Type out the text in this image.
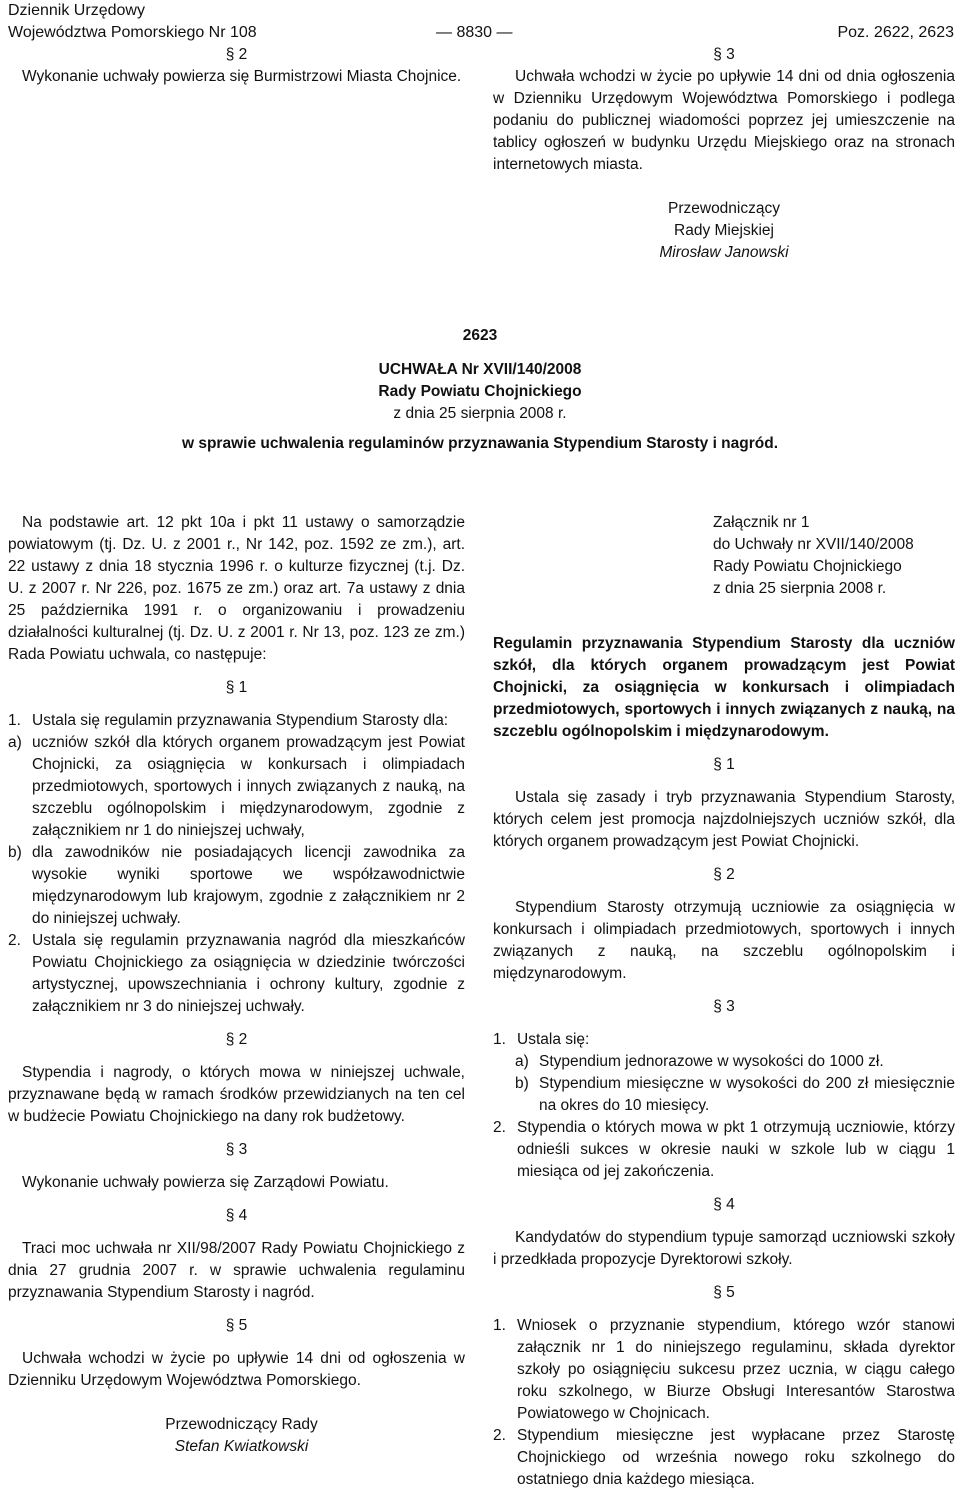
Dziennik Urzędowy
Województwa Pomorskiego Nr 108	— 8830 —	Poz. 2622, 2623
§ 2

Wykonanie uchwały powierza się Burmistrzowi Miasta Chojnice.

§ 3

Uchwała wchodzi w życie po upływie 14 dni od dnia ogłoszenia w Dzienniku Urzędowym Województwa Pomorskiego i podlega podaniu do publicznej wiadomości poprzez jej umieszczenie na tablicy ogłoszeń w budynku Urzędu Miejskiego oraz na stronach internetowych miasta.

Przewodniczący
Rady Miejskiej
Mirosław Janowski
2623
UCHWAŁA Nr XVII/140/2008
Rady Powiatu Chojnickiego
z dnia 25 sierpnia 2008 r.
w sprawie uchwalenia regulaminów przyznawania Stypendium Starosty i nagród.

Na podstawie art. 12 pkt 10a i pkt 11 ustawy o samorządzie powiatowym (tj. Dz. U. z 2001 r., Nr 142, poz. 1592 ze zm.), art. 22 ustawy z dnia 18 stycznia 1996 r. o kulturze fizycznej (t.j. Dz. U. z 2007 r. Nr 226, poz. 1675 ze zm.) oraz art. 7a ustawy z dnia 25 października 1991 r. o organizowaniu i prowadzeniu działalności kulturalnej (tj. Dz. U. z 2001 r. Nr 13, poz. 123 ze zm.) Rada Powiatu uchwala, co następuje:

§ 1
1. Ustala się regulamin przyznawania Stypendium Starosty dla:
a) uczniów szkół dla których organem prowadzącym jest Powiat Chojnicki, za osiągnięcia w konkursach i olimpiadach przedmiotowych, sportowych i innych związanych z nauką, na szczeblu ogólnopolskim i międzynarodowym, zgodnie z załącznikiem nr 1 do niniejszej uchwały,
b) dla zawodników nie posiadających licencji zawodnika za wysokie wyniki sportowe we współzawodnictwie międzynarodowym lub krajowym, zgodnie z załącznikiem nr 2 do niniejszej uchwały.
2. Ustala się regulamin przyznawania nagród dla mieszkańców Powiatu Chojnickiego za osiągnięcia w dziedzinie twórczości artystycznej, upowszechniania i ochrony kultury, zgodnie z załącznikiem nr 3 do niniejszej uchwały.
§ 2

Stypendia i nagrody, o których mowa w niniejszej uchwale, przyznawane będą w ramach środków przewidzianych na ten cel w budżecie Powiatu Chojnickiego na dany rok budżetowy.

§ 3

Wykonanie uchwały powierza się Zarządowi Powiatu.

§ 4

Traci moc uchwała nr XII/98/2007 Rady Powiatu Chojnickiego z dnia 27 grudnia 2007 r. w sprawie uchwalenia regulaminu przyznawania Stypendium Starosty i nagród.

§ 5

Uchwała wchodzi w życie po upływie 14 dni od ogłoszenia w Dzienniku Urzędowym Województwa Pomorskiego.

Przewodniczący Rady
Stefan Kwiatkowski
Załącznik nr 1
do Uchwały nr XVII/140/2008
Rady Powiatu Chojnickiego
z dnia 25 sierpnia 2008 r.

Regulamin przyznawania Stypendium Starosty dla uczniów szkół, dla których organem prowadzącym jest Powiat Chojnicki, za osiągnięcia w konkursach i olimpiadach przedmiotowych, sportowych i innych związanych z nauką, na szczeblu ogólnopolskim i międzynarodowym.

§ 1

Ustala się zasady i tryb przyznawania Stypendium Starosty, których celem jest promocja najzdolniejszych uczniów szkół, dla których organem prowadzącym jest Powiat Chojnicki.

§ 2

Stypendium Starosty otrzymują uczniowie za osiągnięcia w konkursach i olimpiadach przedmiotowych, sportowych i innych związanych z nauką, na szczeblu ogólnopolskim i międzynarodowym.

§ 3
1. Ustala się:
a) Stypendium jednorazowe w wysokości do 1000 zł.
b) Stypendium miesięczne w wysokości do 200 zł miesięcznie na okres do 10 miesięcy.
2. Stypendia o których mowa w pkt 1 otrzymują uczniowie, którzy odnieśli sukces w okresie nauki w szkole lub w ciągu 1 miesiąca od jej zakończenia.
§ 4

Kandydatów do stypendium typuje samorząd uczniowski szkoły i przedkłada propozycje Dyrektorowi szkoły.

§ 5
1. Wniosek o przyznanie stypendium, którego wzór stanowi załącznik nr 1 do niniejszego regulaminu, składa dyrektor szkoły po osiągnięciu sukcesu przez ucznia, w ciągu całego roku szkolnego, w Biurze Obsługi Interesantów Starostwa Powiatowego w Chojnicach.
2. Stypendium miesięczne jest wypłacane przez Starostę Chojnickiego od września nowego roku szkolnego do ostatniego dnia każdego miesiąca.
